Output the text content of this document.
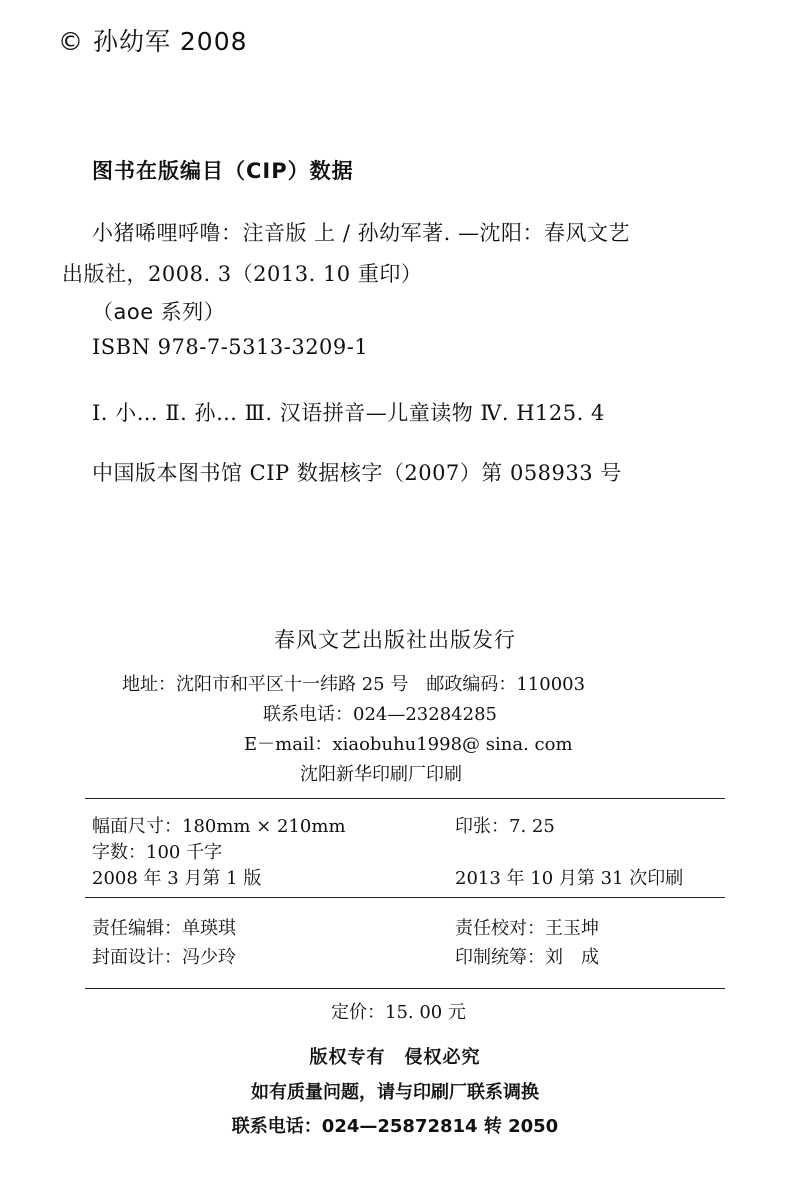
© 孙幼军 2008
图书在版编目（CIP）数据
小猪唏哩呼噜：注音版 上 / 孙幼军著. —沈阳：春风文艺
出版社，2008. 3（2013. 10 重印）
（aoe 系列）
ISBN 978-7-5313-3209-1
Ⅰ. 小… Ⅱ. 孙… Ⅲ. 汉语拼音—儿童读物 Ⅳ. H125. 4
中国版本图书馆 CIP 数据核字（2007）第 058933 号
春风文艺出版社出版发行
地址：沈阳市和平区十一纬路 25 号　邮政编码：110003
联系电话：024—23284285
E－mail：xiaobuhu1998@ sina. com
沈阳新华印刷厂印刷
幅面尺寸：180mm × 210mm	印张：7. 25
字数：100 千字
2008 年 3 月第 1 版	2013 年 10 月第 31 次印刷
责任编辑：单瑛琪	责任校对：王玉坤
封面设计：冯少玲	印制统筹：刘　成
定价：15. 00 元
版权专有　侵权必究
如有质量问题，请与印刷厂联系调换
联系电话：024—25872814 转 2050
